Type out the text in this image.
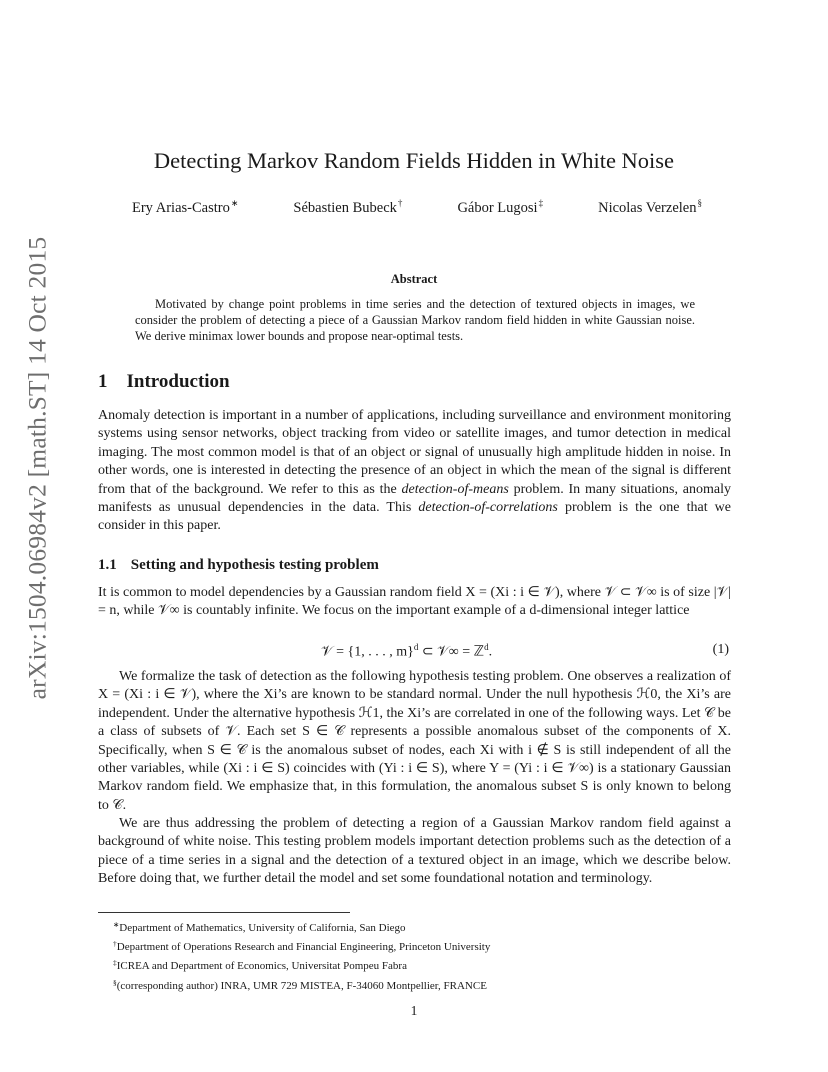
arXiv:1504.06984v2 [math.ST] 14 Oct 2015
Detecting Markov Random Fields Hidden in White Noise
Ery Arias-Castro∗	Sébastien Bubeck†	Gábor Lugosi‡	Nicolas Verzelen§
Abstract

Motivated by change point problems in time series and the detection of textured objects in images, we consider the problem of detecting a piece of a Gaussian Markov random field hidden in white Gaussian noise. We derive minimax lower bounds and propose near-optimal tests.

1 Introduction

Anomaly detection is important in a number of applications, including surveillance and environment monitoring systems using sensor networks, object tracking from video or satellite images, and tumor detection in medical imaging. The most common model is that of an object or signal of unusually high amplitude hidden in noise. In other words, one is interested in detecting the presence of an object in which the mean of the signal is different from that of the background. We refer to this as the detection-of-means problem. In many situations, anomaly manifests as unusual dependencies in the data. This detection-of-correlations problem is the one that we consider in this paper.

1.1 Setting and hypothesis testing problem

It is common to model dependencies by a Gaussian random field X = (Xi : i ∈ 𝒱), where 𝒱 ⊂ 𝒱∞ is of size |𝒱| = n, while 𝒱∞ is countably infinite. We focus on the important example of a d-dimensional integer lattice

𝒱 = {1, . . . , m}$^d$ ⊂ 𝒱∞ = ℤ$^d$.	(1)

We formalize the task of detection as the following hypothesis testing problem. One observes a realization of X = (Xi : i ∈ 𝒱), where the Xi’s are known to be standard normal. Under the null hypothesis ℋ0, the Xi’s are independent. Under the alternative hypothesis ℋ1, the Xi’s are correlated in one of the following ways. Let 𝒞 be a class of subsets of 𝒱. Each set S ∈ 𝒞 represents a possible anomalous subset of the components of X. Specifically, when S ∈ 𝒞 is the anomalous subset of nodes, each Xi with i ∉ S is still independent of all the other variables, while (Xi : i ∈ S) coincides with (Yi : i ∈ S), where Y = (Yi : i ∈ 𝒱∞) is a stationary Gaussian Markov random field. We emphasize that, in this formulation, the anomalous subset S is only known to belong to 𝒞.

We are thus addressing the problem of detecting a region of a Gaussian Markov random field against a background of white noise. This testing problem models important detection problems such as the detection of a piece of a time series in a signal and the detection of a textured object in an image, which we describe below. Before doing that, we further detail the model and set some foundational notation and terminology.

∗Department of Mathematics, University of California, San Diego
†Department of Operations Research and Financial Engineering, Princeton University
‡ICREA and Department of Economics, Universitat Pompeu Fabra
§(corresponding author) INRA, UMR 729 MISTEA, F-34060 Montpellier, FRANCE
1
